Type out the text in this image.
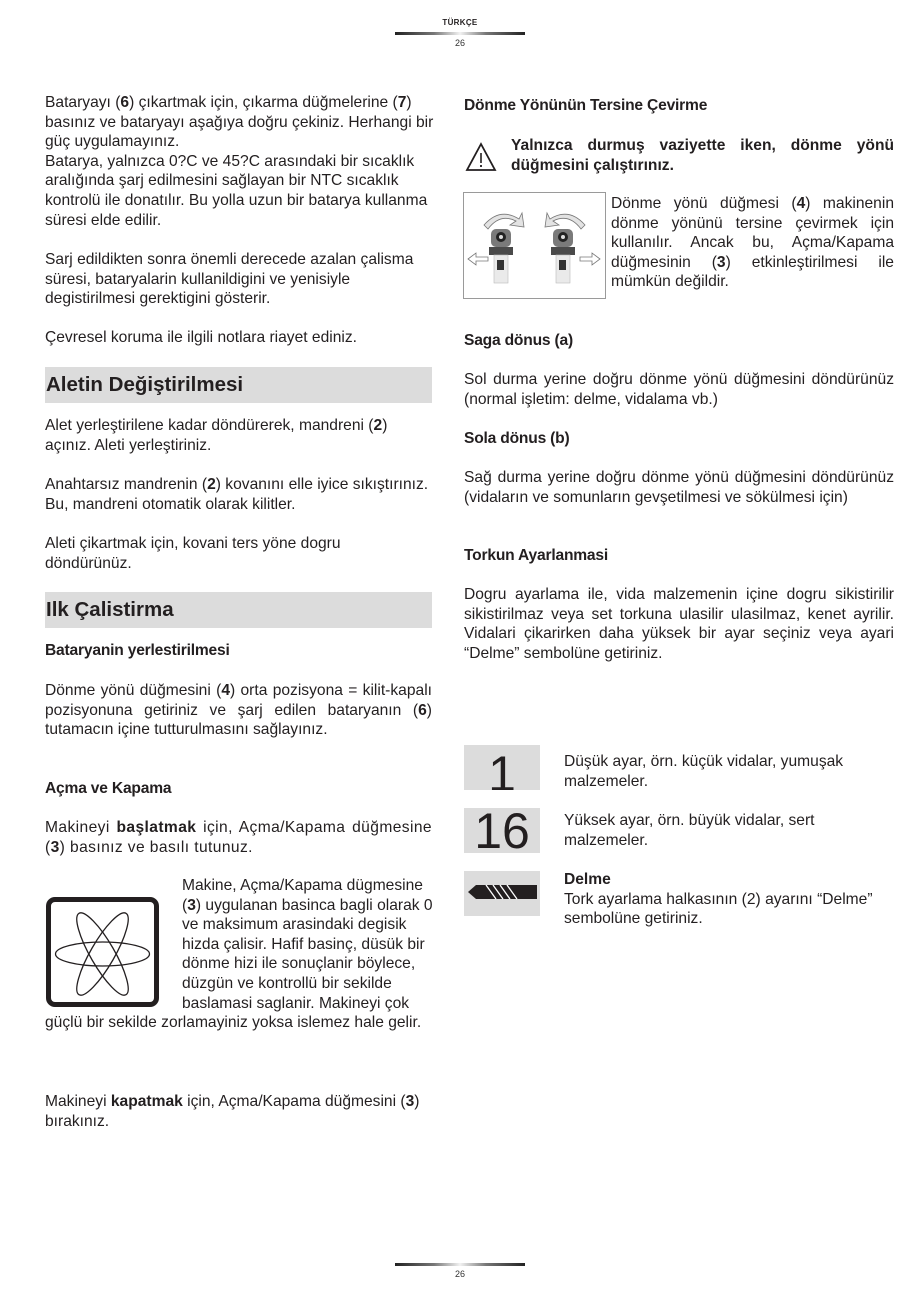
TÜRKÇE
26

Bataryayı (6) çıkartmak için, çıkarma düğmelerine (7) basınız ve bataryayı aşağıya doğru çekiniz. Herhangi bir güç uygulamayınız.

Batarya, yalnızca 0?C ve 45?C arasındaki bir sıcaklık aralığında şarj edilmesini sağlayan bir NTC sıcaklık kontrolü ile donatılır. Bu yolla uzun bir batarya kullanma süresi elde edilir.

Sarj edildikten sonra önemli derecede azalan çalisma süresi, bataryalarin kullanildigini ve yenisiyle degistirilmesi gerektigini gösterir.
Çevresel koruma ile ilgili notlara riayet ediniz.
Aletin Değiştirilmesi
Alet yerleştirilene kadar döndürerek, mandreni (2) açınız. Aleti yerleştiriniz.
Anahtarsız mandrenin (2) kovanını elle iyice sıkıştırınız. Bu, mandreni otomatik olarak kilitler.
Aleti çikartmak için, kovani ters yöne dogru döndürünüz.
Ilk Çalistirma
Bataryanin yerlestirilmesi
Dönme yönü düğmesini (4) orta pozisyona = kilit-kapalı pozisyonuna getiriniz ve şarj edilen bataryanın (6) tutamacın içine tutturulmasını sağlayınız.
Açma ve Kapama
Makineyi başlatmak için, Açma/Kapama düğmesine (3) basınız ve basılı tutunuz.
Makine, Açma/Kapama dügmesine (3) uygulanan basinca bagli olarak 0 ve maksimum arasindaki degisik hizda çalisir. Hafif basinç, düsük bir dönme hizi ile sonuçlanir böylece, düzgün ve kontrollü bir sekilde baslamasi saglanir. Makineyi çok güçlü bir sekilde zorlamayiniz yoksa islemez hale gelir.
Makineyi kapatmak için, Açma/Kapama düğmesini (3) bırakınız.
Dönme Yönünün Tersine Çevirme
Yalnızca durmuş vaziyette iken, dönme yönü düğmesini çalıştırınız.
Dönme yönü düğmesi (4) makinenin dönme yönünü tersine çevirmek için kullanılır. Ancak bu, Açma/Kapama düğmesinin (3) etkinleştirilmesi ile mümkün değildir.
Saga dönus (a)
Sol durma yerine doğru dönme yönü düğmesini döndürünüz (normal işletim: delme, vidalama vb.)
Sola dönus (b)
Sağ durma yerine doğru dönme yönü düğmesini döndürünüz (vidaların ve somunların gevşetilmesi ve sökülmesi için)
Torkun Ayarlanmasi
Dogru ayarlama ile, vida malzemenin içine dogru sikistirilir sikistirilmaz veya set torkuna ulasilir ulasilmaz, kenet ayrilir. Vidalari çikarirken daha yüksek bir ayar seçiniz veya ayari “Delme” sembolüne getiriniz.
1	Düşük ayar, örn. küçük vidalar, yumuşak malzemeler.
16	Yüksek ayar, örn. büyük vidalar, sert malzemeler.
Delme
Tork ayarlama halkasının (2) ayarını “Delme” sembolüne getiriniz.
26
